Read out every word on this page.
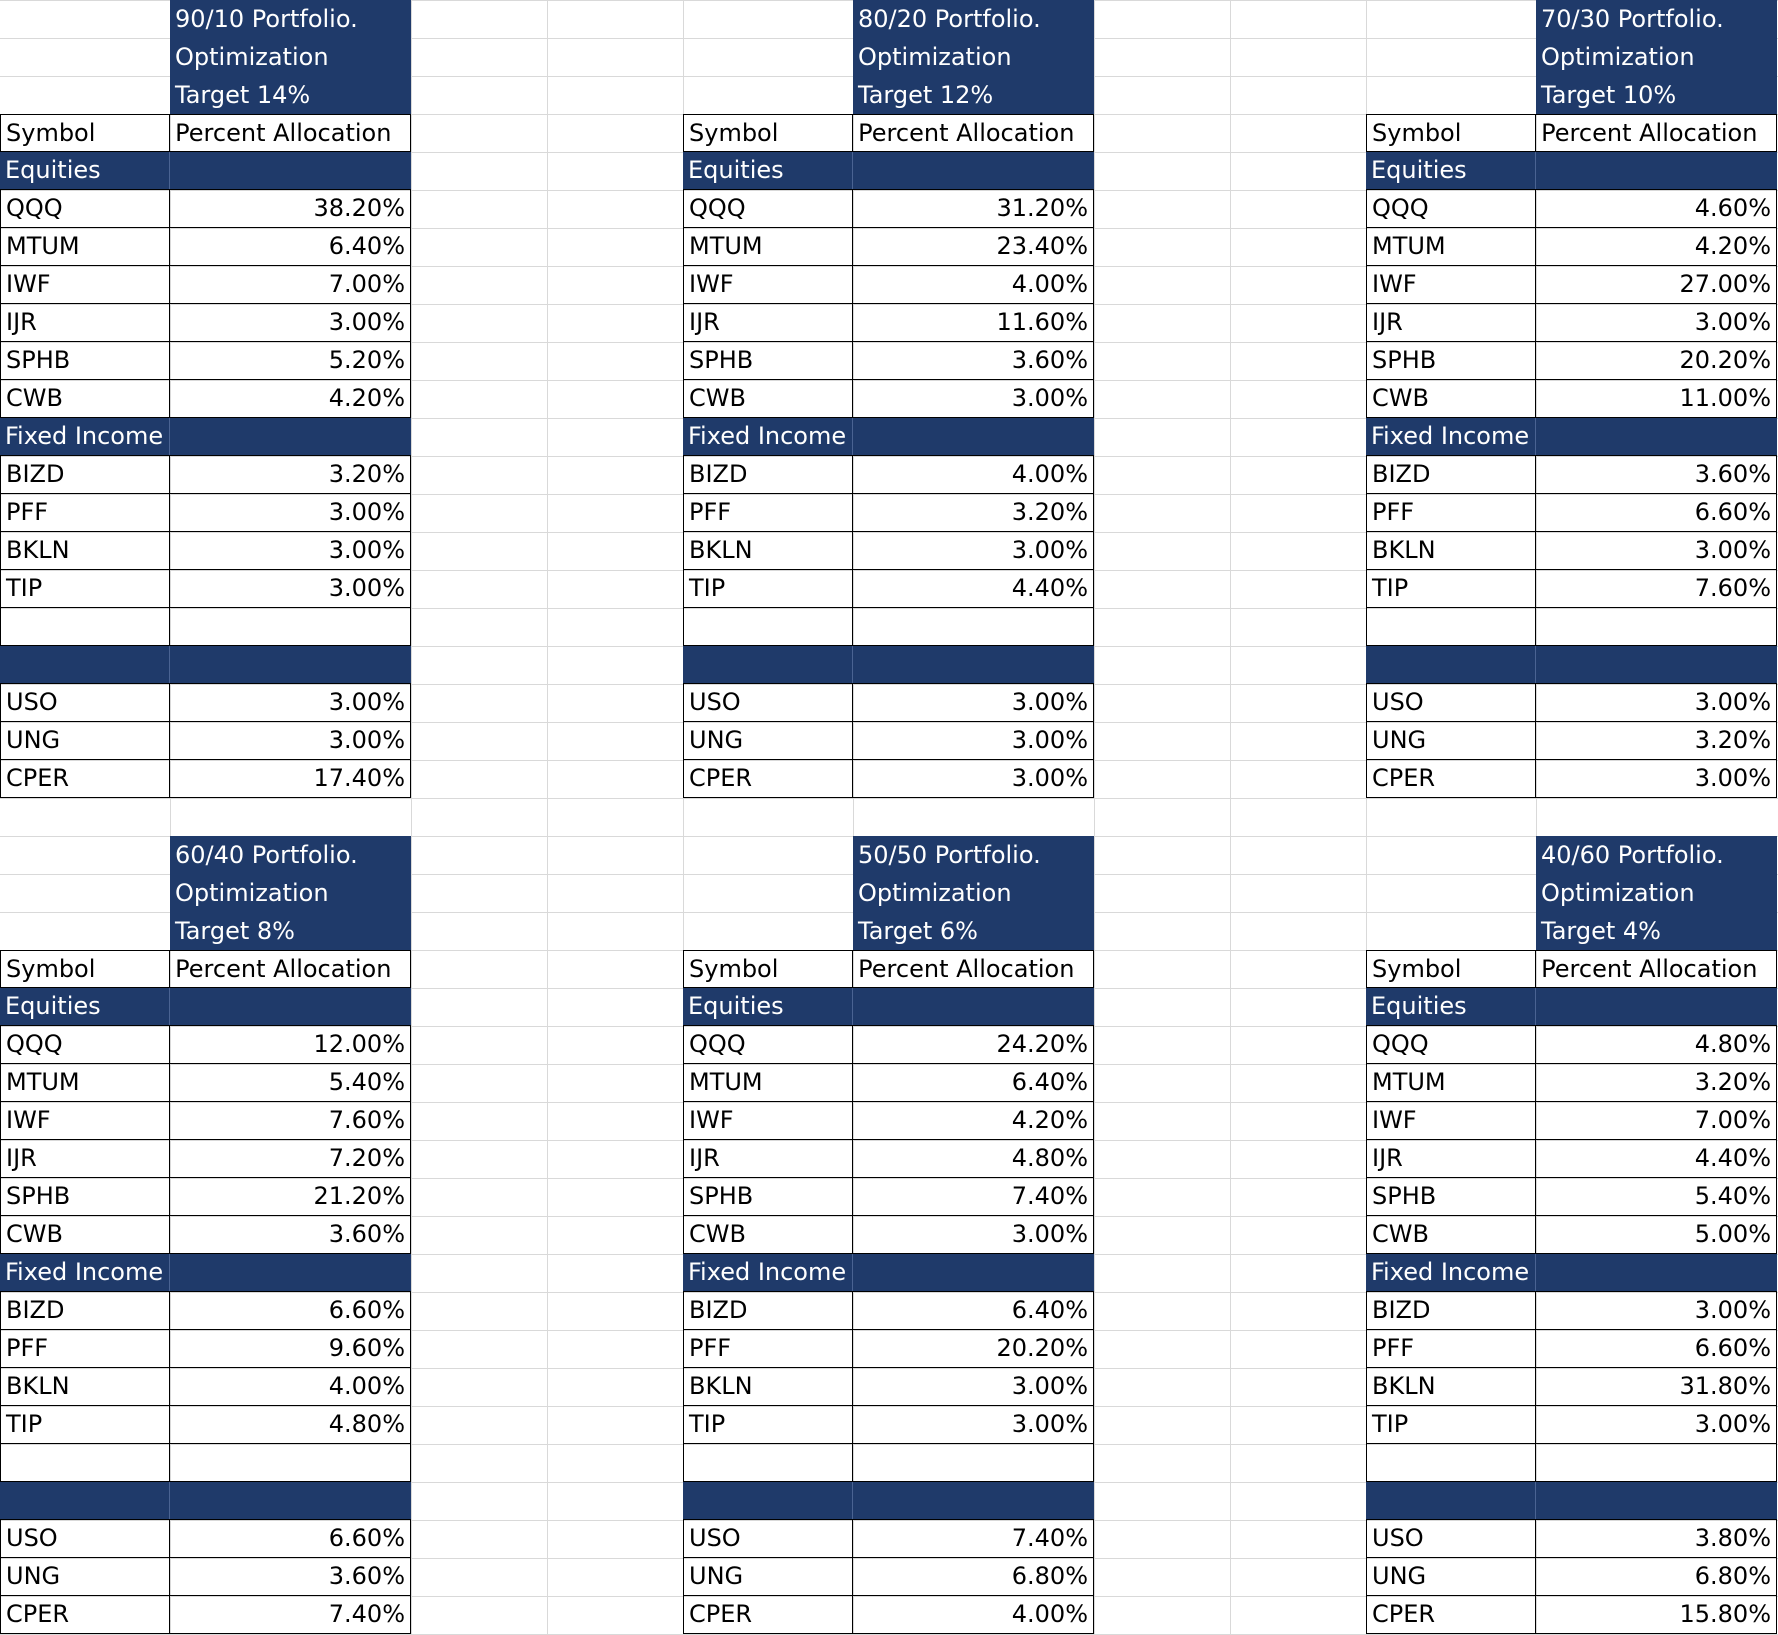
90/10 Portfolio.
Optimization
Target 14%
Symbol	Percent Allocation
Equities
QQQ	38.20%
MTUM	6.40%
IWF	7.00%
IJR	3.00%
SPHB	5.20%
CWB	4.20%
Fixed Income
BIZD	3.20%
PFF	3.00%
BKLN	3.00%
TIP	3.00%
USO	3.00%
UNG	3.00%
CPER	17.40%
80/20 Portfolio.
Optimization
Target 12%
Symbol	Percent Allocation
Equities
QQQ	31.20%
MTUM	23.40%
IWF	4.00%
IJR	11.60%
SPHB	3.60%
CWB	3.00%
Fixed Income
BIZD	4.00%
PFF	3.20%
BKLN	3.00%
TIP	4.40%
USO	3.00%
UNG	3.00%
CPER	3.00%
70/30 Portfolio.
Optimization
Target 10%
Symbol	Percent Allocation
Equities
QQQ	4.60%
MTUM	4.20%
IWF	27.00%
IJR	3.00%
SPHB	20.20%
CWB	11.00%
Fixed Income
BIZD	3.60%
PFF	6.60%
BKLN	3.00%
TIP	7.60%
USO	3.00%
UNG	3.20%
CPER	3.00%
60/40 Portfolio.
Optimization
Target 8%
Symbol	Percent Allocation
Equities
QQQ	12.00%
MTUM	5.40%
IWF	7.60%
IJR	7.20%
SPHB	21.20%
CWB	3.60%
Fixed Income
BIZD	6.60%
PFF	9.60%
BKLN	4.00%
TIP	4.80%
USO	6.60%
UNG	3.60%
CPER	7.40%
50/50 Portfolio.
Optimization
Target 6%
Symbol	Percent Allocation
Equities
QQQ	24.20%
MTUM	6.40%
IWF	4.20%
IJR	4.80%
SPHB	7.40%
CWB	3.00%
Fixed Income
BIZD	6.40%
PFF	20.20%
BKLN	3.00%
TIP	3.00%
USO	7.40%
UNG	6.80%
CPER	4.00%
40/60 Portfolio.
Optimization
Target 4%
Symbol	Percent Allocation
Equities
QQQ	4.80%
MTUM	3.20%
IWF	7.00%
IJR	4.40%
SPHB	5.40%
CWB	5.00%
Fixed Income
BIZD	3.00%
PFF	6.60%
BKLN	31.80%
TIP	3.00%
USO	3.80%
UNG	6.80%
CPER	15.80%
